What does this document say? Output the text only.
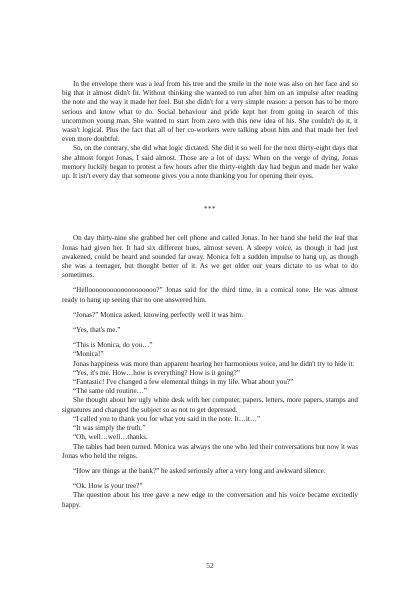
In the envelope there was a leaf from his tree and the smile in the note was also on her face and so big that it almost didn't fit. Without thinking she wanted to run after him on an impulse after reading the note and the way it made her feel. But she didn't for a very simple reason: a person has to be more serious and know what to do. Social behaviour and pride kept her from going in search of this uncommon young man. She wanted to start from zero with this new idea of his. She couldn't do it, it wasn't logical. Plus the fact that all of her co-workers were talking about him and that made her feel even more doubtful.

So, on the contrary, she did what logic dictated. She did it so well for the next thirty-eight days that she almost forgot Jonas, I said almost. Those are a lot of days. When on the verge of dying, Jonas memory luckily began to protest a few hours after the thirty-eighth day had begun and made her wake up. It isn't every day that someone gives you a note thanking you for opening their eyes.

***

On day thirty-nine she grabbed her cell phone and called Jonas. In her hand she held the leaf that Jonas had given her. It had six different hues, almost seven. A sleepy voice, as though it had just awakened, could be heard and sounded far away. Monica felt a sudden impulse to hang up, as though she was a teenager, but thought better of it. As we get older our years dictate to us what to do sometimes.

“Hellooooooooooooooooooo?” Jonas said for the third time, in a comical tone. He was almost ready to hang up seeing that no one answered him.

“Jonas?” Monica asked, knowing perfectly well it was him.

“Yes, that's me.”

“This is Monica, do you…”

“Monica!”

Jonas happiness was more than apparent hearing her harmonious voice, and he didn't try to hide it.

“Yes, it's me. How…how is everything? How is it going?”

“Fantastic! I've changed a few elemental things in my life. What about you?”

“The same old routine…”

She thought about her ugly white desk with her computer, papers, letters, more papers, stamps and signatures and changed the subject so as not to get depressed.

“I called you to thank you for what you said in the note. It…it…”

“It was simply the truth.”

“Oh, well…well…thanks.

The tables had been turned. Monica was always the one who led their conversations but now it was Jonas who held the reigns.

“How are things at the bank?” he asked seriously after a very long and awkward silence.

“Ok. How is your tree?”

The question about his tree gave a new edge to the conversation and his voice became excitedly happy.

52
